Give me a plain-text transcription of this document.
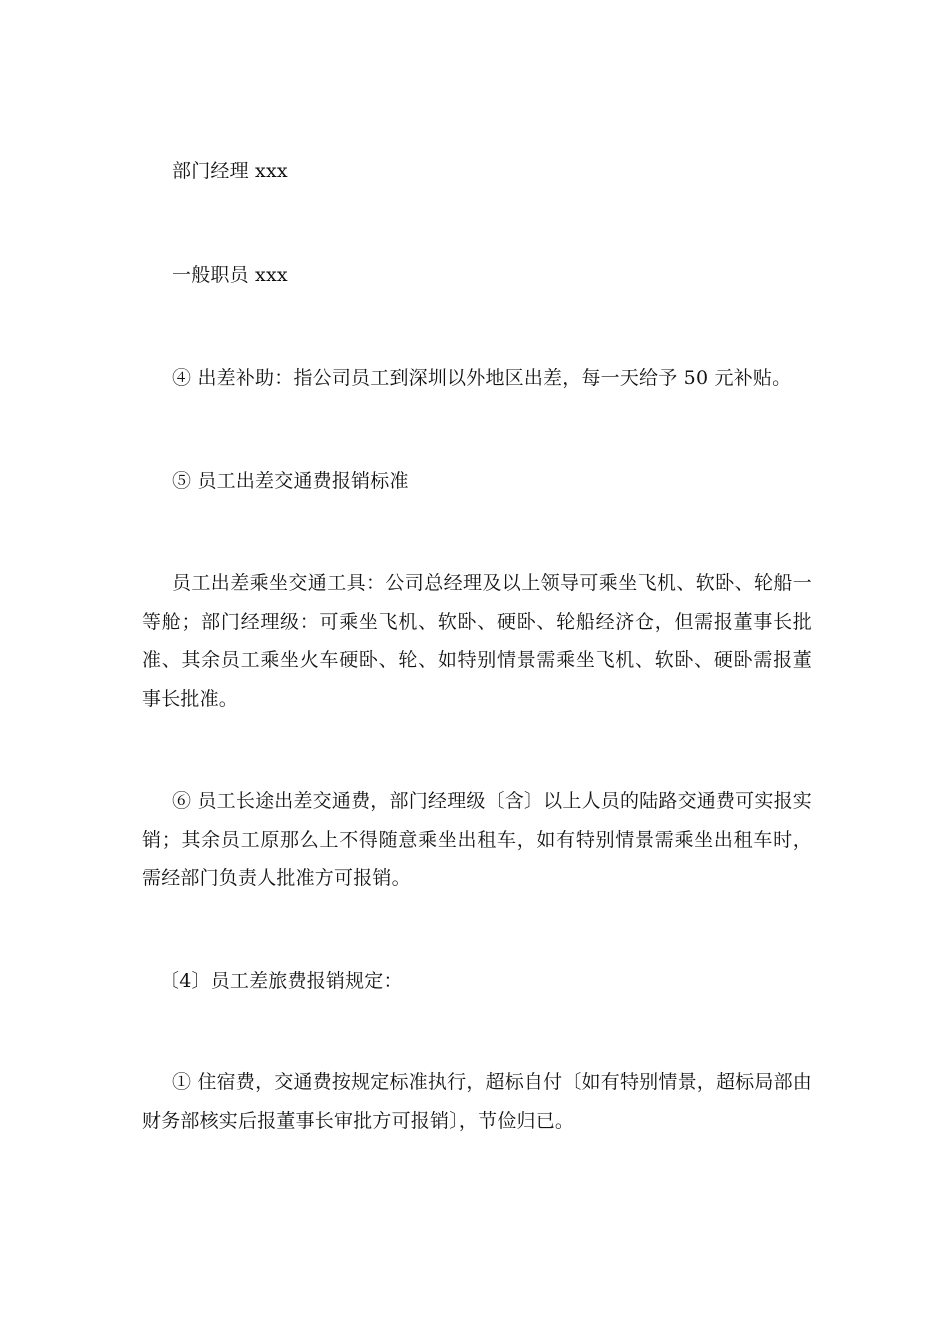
部门经理 xxx

一般职员 xxx

④ 出差补助：指公司员工到深圳以外地区出差，每一天给予 50 元补贴。

⑤ 员工出差交通费报销标准

员工出差乘坐交通工具：公司总经理及以上领导可乘坐飞机、软卧、轮船一等舱；部门经理级：可乘坐飞机、软卧、硬卧、轮船经济仓，但需报董事长批准、其余员工乘坐火车硬卧、轮、如特别情景需乘坐飞机、软卧、硬卧需报董事长批准。

⑥ 员工长途出差交通费，部门经理级〔含〕以上人员的陆路交通费可实报实销；其余员工原那么上不得随意乘坐出租车，如有特别情景需乘坐出租车时，需经部门负责人批准方可报销。

〔4〕员工差旅费报销规定：

① 住宿费，交通费按规定标准执行，超标自付〔如有特别情景，超标局部由财务部核实后报董事长审批方可报销〕，节俭归已。
